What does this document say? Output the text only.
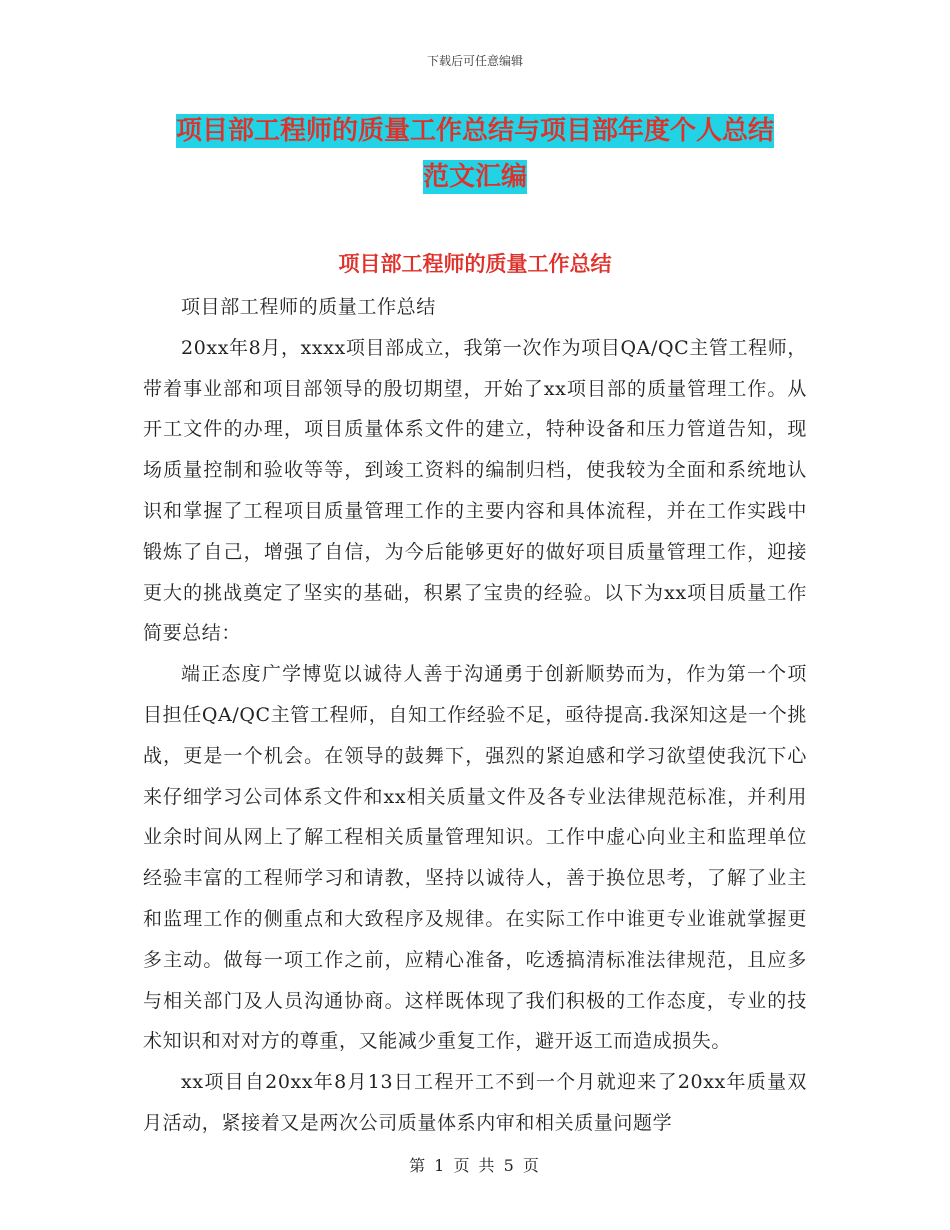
下载后可任意编辑
项目部工程师的质量工作总结与项目部年度个人总结
范文汇编
项目部工程师的质量工作总结

项目部工程师的质量工作总结

20xx年8月，xxxx项目部成立，我第一次作为项目QA/QC主管工程师，带着事业部和项目部领导的殷切期望，开始了xx项目部的质量管理工作。从开工文件的办理，项目质量体系文件的建立，特种设备和压力管道告知，现场质量控制和验收等等，到竣工资料的编制归档，使我较为全面和系统地认识和掌握了工程项目质量管理工作的主要内容和具体流程，并在工作实践中锻炼了自己，增强了自信，为今后能够更好的做好项目质量管理工作，迎接更大的挑战奠定了坚实的基础，积累了宝贵的经验。以下为xx项目质量工作简要总结：

端正态度广学博览以诚待人善于沟通勇于创新顺势而为，作为第一个项目担任QA/QC主管工程师，自知工作经验不足，亟待提高.我深知这是一个挑战，更是一个机会。在领导的鼓舞下，强烈的紧迫感和学习欲望使我沉下心来仔细学习公司体系文件和xx相关质量文件及各专业法律规范标准，并利用业余时间从网上了解工程相关质量管理知识。工作中虚心向业主和监理单位经验丰富的工程师学习和请教，坚持以诚待人，善于换位思考，了解了业主和监理工作的侧重点和大致程序及规律。在实际工作中谁更专业谁就掌握更多主动。做每一项工作之前，应精心准备，吃透搞清标准法律规范，且应多与相关部门及人员沟通协商。这样既体现了我们积极的工作态度，专业的技术知识和对对方的尊重，又能减少重复工作，避开返工而造成损失。

xx项目自20xx年8月13日工程开工不到一个月就迎来了20xx年质量双月活动，紧接着又是两次公司质量体系内审和相关质量问题学

第 1 页 共 5 页
